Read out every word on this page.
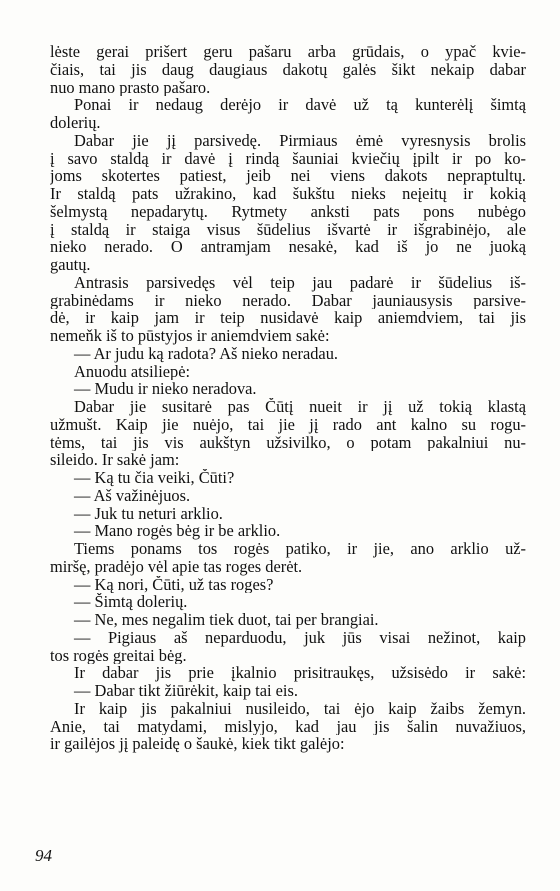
lėste gerai prišert geru pašaru arba grūdais, o ypač kvie-
čiais, tai jis daug daugiaus dakotų galės šikt nekaip dabar
nuo mano prasto pašaro.
Ponai ir nedaug derėjo ir davė už tą kunterėlį šimtą
dolerių.
Dabar jie jį parsivedę. Pirmiaus ėmė vyresnysis brolis
į savo staldą ir davė į rindą šauniai kviečių įpilt ir po ko-
joms skotertes patiest, jeib nei viens dakots nepraptultų.
Ir staldą pats užrakino, kad šukštu nieks neįeitų ir kokią
šelmystą nepadarytų. Rytmety anksti pats pons nubėgo
į staldą ir staiga visus šūdelius išvartė ir išgrabinėjo, ale
nieko nerado. O antramjam nesakė, kad iš jo ne juoką
gautų.
Antrasis parsivedęs vėl teip jau padarė ir šūdelius iš-
grabinėdams ir nieko nerado. Dabar jauniausysis parsive-
dė, ir kaip jam ir teip nusidavė kaip aniemdviem, tai jis
nemeňk iš to pūstyjos ir aniemdviem sakė:
— Ar judu ką radota? Aš nieko neradau.
Anuodu atsiliepė:
— Mudu ir nieko neradova.
Dabar jie susitarė pas Čūtį nueit ir jį už tokią klastą
užmušt. Kaip jie nuėjo, tai jie jį rado ant kalno su rogu-
tėms, tai jis vis aukštyn užsivilko, o potam pakalniui nu-
sileido. Ir sakė jam:
— Ką tu čia veiki, Čūti?
— Aš važinėjuos.
— Juk tu neturi arklio.
— Mano rogės bėg ir be arklio.
Tiems ponams tos rogės patiko, ir jie, ano arklio už-
miršę, pradėjo vėl apie tas roges derėt.
— Ką nori, Čūti, už tas roges?
— Šimtą dolerių.
— Ne, mes negalim tiek duot, tai per brangiai.
— Pigiaus aš neparduodu, juk jūs visai nežinot, kaip
tos rogės greitai bėg.
Ir dabar jis prie įkalnio prisitraukęs, užsisėdo ir sakė:
— Dabar tikt žiūrėkit, kaip tai eis.
Ir kaip jis pakalniui nusileido, tai ėjo kaip žaibs žemyn.
Anie, tai matydami, mislyjo, kad jau jis šalin nuvažiuos,
ir gailėjos jį paleidę o šaukė, kiek tikt galėjo:
94
